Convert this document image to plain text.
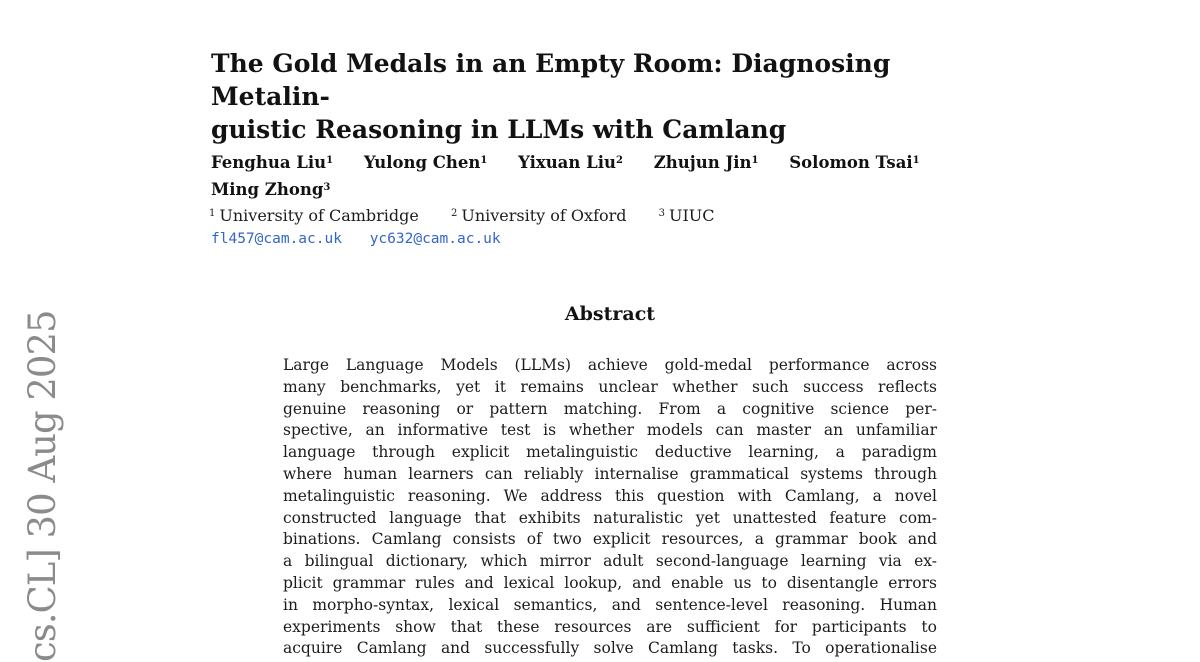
cs.CL] 30 Aug 2025
The Gold Medals in an Empty Room: Diagnosing Metalin-
guistic Reasoning in LLMs with Camlang
Fenghua Liu$^1$ Yulong Chen$^1$ Yixuan Liu$^2$ Zhujun Jin$^1$ Solomon Tsai$^1$
Ming Zhong$^3$
$^1$ University of Cambridge	$^2$ University of Oxford	$^3$ UIUC
fl457@cam.ac.uk yc632@cam.ac.uk
Abstract
Large Language Models (LLMs) achieve gold-medal performance across
many benchmarks, yet it remains unclear whether such success reflects
genuine reasoning or pattern matching. From a cognitive science per-
spective, an informative test is whether models can master an unfamiliar
language through explicit metalinguistic deductive learning, a paradigm
where human learners can reliably internalise grammatical systems through
metalinguistic reasoning. We address this question with Camlang, a novel
constructed language that exhibits naturalistic yet unattested feature com-
binations. Camlang consists of two explicit resources, a grammar book and
a bilingual dictionary, which mirror adult second-language learning via ex-
plicit grammar rules and lexical lookup, and enable us to disentangle errors
in morpho-syntax, lexical semantics, and sentence-level reasoning. Human
experiments show that these resources are sufficient for participants to
acquire Camlang and successfully solve Camlang tasks. To operationalise
